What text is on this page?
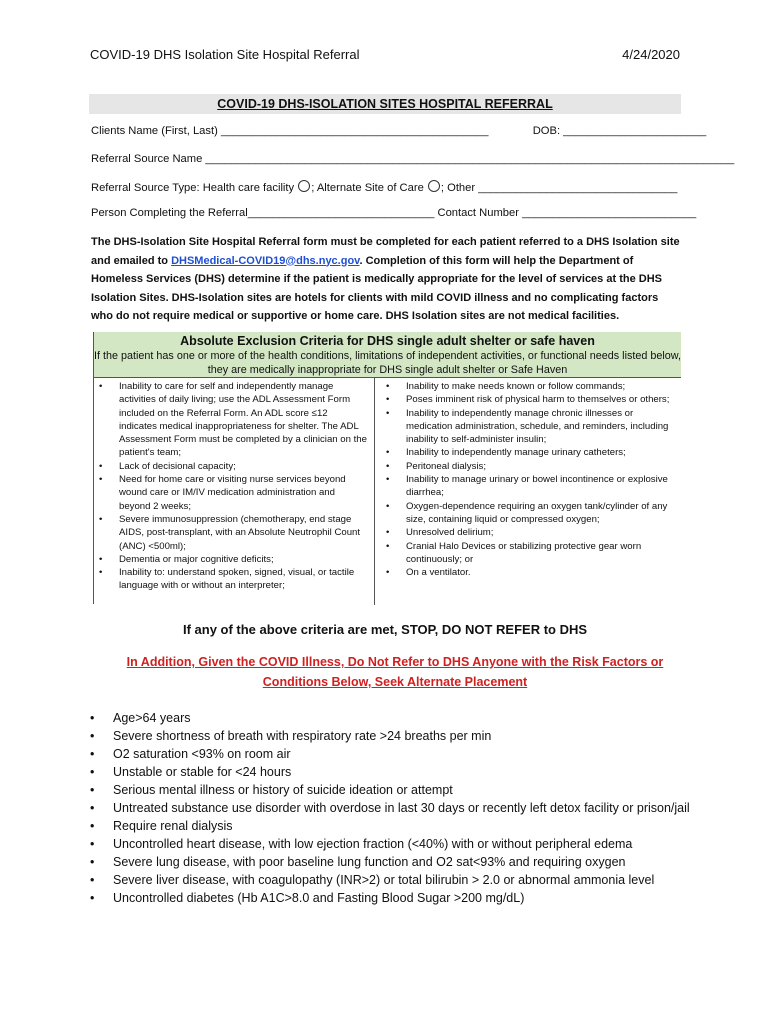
COVID-19 DHS Isolation Site Hospital Referral	4/24/2020
COVID-19 DHS-ISOLATION SITES HOSPITAL REFERRAL
Clients Name (First, Last) ___________________________________________	DOB: _______________________
Referral Source Name _____________________________________________________________________________________
Referral Source Type: Health care facility ; Alternate Site of Care ; Other ________________________________
Person Completing the Referral______________________________ Contact Number ____________________________
The DHS-Isolation Site Hospital Referral form must be completed for each patient referred to a DHS Isolation site and emailed to DHSMedical-COVID19@dhs.nyc.gov. Completion of this form will help the Department of Homeless Services (DHS) determine if the patient is medically appropriate for the level of services at the DHS Isolation Sites. DHS-Isolation sites are hotels for clients with mild COVID illness and no complicating factors who do not require medical or supportive or home care. DHS Isolation sites are not medical facilities.
Absolute Exclusion Criteria for DHS single adult shelter or safe haven
If the patient has one or more of the health conditions, limitations of independent activities, or functional needs listed below, they are medically inappropriate for DHS single adult shelter or Safe Haven
• Inability to care for self and independently manage activities of daily living; use the ADL Assessment Form included on the Referral Form. An ADL score ≤12 indicates medical inappropriateness for shelter. The ADL Assessment Form must be completed by a clinician on the patient's team;
• Lack of decisional capacity;
• Need for home care or visiting nurse services beyond wound care or IM/IV medication administration and beyond 2 weeks;
• Severe immunosuppression (chemotherapy, end stage AIDS, post-transplant, with an Absolute Neutrophil Count (ANC) <500ml);
• Dementia or major cognitive deficits;
• Inability to: understand spoken, signed, visual, or tactile language with or without an interpreter;
• Inability to make needs known or follow commands;
• Poses imminent risk of physical harm to themselves or others;
• Inability to independently manage chronic illnesses or medication administration, schedule, and reminders, including inability to self-administer insulin;
• Inability to independently manage urinary catheters;
• Peritoneal dialysis;
• Inability to manage urinary or bowel incontinence or explosive diarrhea;
• Oxygen-dependence requiring an oxygen tank/cylinder of any size, containing liquid or compressed oxygen;
• Unresolved delirium;
• Cranial Halo Devices or stabilizing protective gear worn continuously; or
• On a ventilator.
If any of the above criteria are met, STOP, DO NOT REFER to DHS
In Addition, Given the COVID Illness, Do Not Refer to DHS Anyone with the Risk Factors or Conditions Below, Seek Alternate Placement
• Age>64 years
• Severe shortness of breath with respiratory rate >24 breaths per min
• O2 saturation <93% on room air
• Unstable or stable for <24 hours
• Serious mental illness or history of suicide ideation or attempt
• Untreated substance use disorder with overdose in last 30 days or recently left detox facility or prison/jail
• Require renal dialysis
• Uncontrolled heart disease, with low ejection fraction (<40%) with or without peripheral edema
• Severe lung disease, with poor baseline lung function and O2 sat<93% and requiring oxygen
• Severe liver disease, with coagulopathy (INR>2) or total bilirubin > 2.0 or abnormal ammonia level
• Uncontrolled diabetes (Hb A1C>8.0 and Fasting Blood Sugar >200 mg/dL)
